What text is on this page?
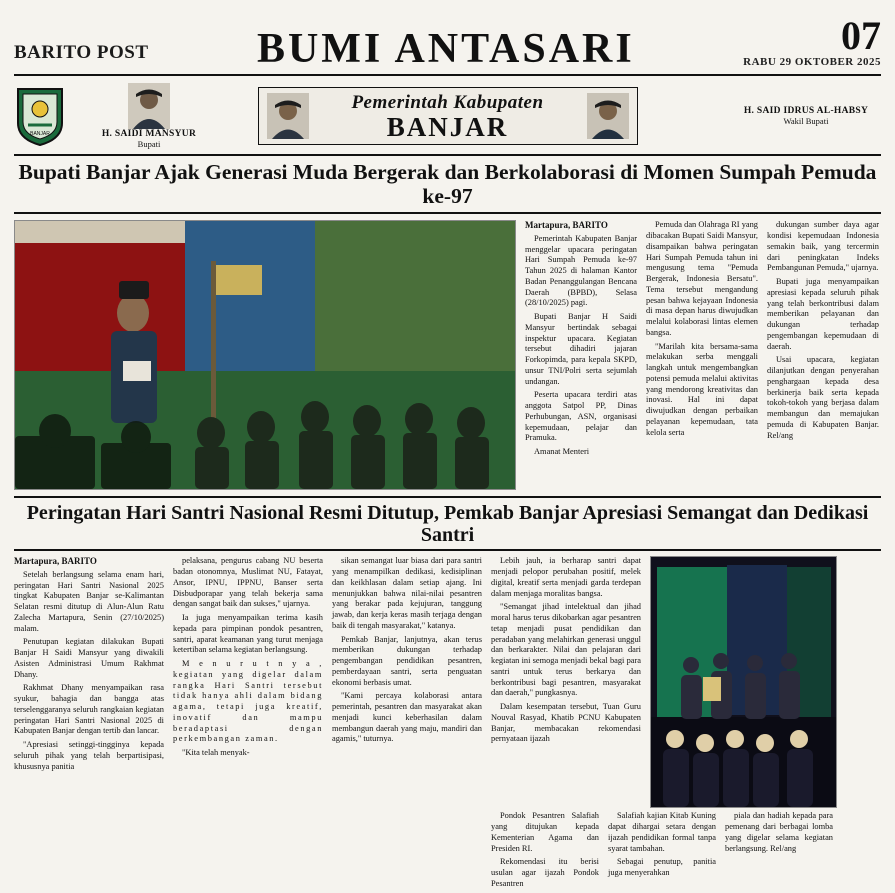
BARITO POST	BUMI ANTASARI	07
RABU 29 OKTOBER 2025
BANJAR	H. SAIDI MANSYUR
Bupati
Pemerintah Kabupaten
BANJAR
H. SAID IDRUS AL-HABSY
Wakil Bupati
Bupati Banjar Ajak Generasi Muda Bergerak dan Berkolaborasi di Momen Sumpah Pemuda ke-97

Martapura, BARITO

Pemerintah Kabupaten Banjar menggelar upacara peringatan Hari Sumpah Pemuda ke-97 Tahun 2025 di halaman Kantor Badan Penanggulangan Bencana Daerah (BPBD), Selasa (28/10/2025) pagi.

Bupati Banjar H Saidi Mansyur bertindak sebagai inspektur upacara. Kegiatan tersebut dihadiri jajaran Forkopimda, para kepala SKPD, unsur TNI/Polri serta sejumlah undangan.

Peserta upacara terdiri atas anggota Satpol PP, Dinas Perhubungan, ASN, organisasi kepemudaan, pelajar dan Pramuka.

Amanat Menteri

Pemuda dan Olahraga RI yang dibacakan Bupati Saidi Mansyur, disampaikan bahwa peringatan Hari Sumpah Pemuda tahun ini mengusung tema "Pemuda Bergerak, Indonesia Bersatu". Tema tersebut mengandung pesan bahwa kejayaan Indonesia di masa depan harus diwujudkan melalui kolaborasi lintas elemen bangsa.

"Marilah kita bersama-sama melakukan serba menggali langkah untuk mengembangkan potensi pemuda melalui aktivitas yang mendorong kreativitas dan inovasi. Hal ini dapat diwujudkan dengan perbaikan pelayanan kepemudaan, tata kelola serta

dukungan sumber daya agar kondisi kepemudaan Indonesia semakin baik, yang tercermin dari peningkatan Indeks Pembangunan Pemuda," ujarnya.

Bupati juga menyampaikan apresiasi kepada seluruh pihak yang telah berkontribusi dalam memberikan pelayanan dan dukungan terhadap pengembangan kepemudaan di daerah.

Usai upacara, kegiatan dilanjutkan dengan penyerahan penghargaan kepada desa berkinerja baik serta kepada tokoh-tokoh yang berjasa dalam membangun dan memajukan pemuda di Kabupaten Banjar. Rel/ang

Peringatan Hari Santri Nasional Resmi Ditutup, Pemkab Banjar Apresiasi Semangat dan Dedikasi Santri

Martapura, BARITO

Setelah berlangsung selama enam hari, peringatan Hari Santri Nasional 2025 tingkat Kabupaten Banjar se-Kalimantan Selatan resmi ditutup di Alun-Alun Ratu Zalecha Martapura, Senin (27/10/2025) malam.

Penutupan kegiatan dilakukan Bupati Banjar H Saidi Mansyur yang diwakili Asisten Administrasi Umum Rakhmat Dhany.

Rakhmat Dhany menyampaikan rasa syukur, bahagia dan bangga atas terselenggaranya seluruh rangkaian kegiatan peringatan Hari Santri Nasional 2025 di Kabupaten Banjar dengan tertib dan lancar.

"Apresiasi setinggi-tingginya kepada seluruh pihak yang telah berpartisipasi, khususnya panitia

pelaksana, pengurus cabang NU beserta badan otonomnya, Muslimat NU, Fatayat, Ansor, IPNU, IPPNU, Banser serta Disbudporapar yang telah bekerja sama dengan sangat baik dan sukses," ujarnya.

Ia juga menyampaikan terima kasih kepada para pimpinan pondok pesantren, santri, aparat keamanan yang turut menjaga ketertiban selama kegiatan berlangsung.

M e n u r u t n y a , kegiatan yang digelar dalam rangka Hari Santri tersebut tidak hanya ahli dalam bidang agama, tetapi juga kreatif, inovatif dan mampu beradaptasi dengan perkembangan zaman.

"Kita telah menyak-

sikan semangat luar biasa dari para santri yang menampilkan dedikasi, kedisiplinan dan keikhlasan dalam setiap ajang. Ini menunjukkan bahwa nilai-nilai pesantren yang berakar pada kejujuran, tanggung jawab, dan kerja keras masih terjaga dengan baik di tengah masyarakat," katanya.

Pemkab Banjar, lanjutnya, akan terus memberikan dukungan terhadap pengembangan pendidikan pesantren, pemberdayaan santri, serta penguatan ekonomi berbasis umat.

"Kami percaya kolaborasi antara pemerintah, pesantren dan masyarakat akan menjadi kunci keberhasilan dalam membangun daerah yang maju, mandiri dan agamis," tuturnya.

Lebih jauh, ia berharap santri dapat menjadi pelopor perubahan positif, melek digital, kreatif serta menjadi garda terdepan dalam menjaga moralitas bangsa.

"Semangat jihad intelektual dan jihad moral harus terus dikobarkan agar pesantren tetap menjadi pusat pendidikan dan peradaban yang melahirkan generasi unggul dan berkarakter. Nilai dan pelajaran dari kegiatan ini semoga menjadi bekal bagi para santri untuk terus berkarya dan berkontribusi bagi pesantren, masyarakat dan daerah," pungkasnya.

Dalam kesempatan tersebut, Tuan Guru Nouval Rasyad, Khatib PCNU Kabupaten Banjar, membacakan rekomendasi pernyataan ijazah

Pondok Pesantren Salafiah yang ditujukan kepada Kementerian Agama dan Presiden RI.

Rekomendasi itu berisi usulan agar ijazah Pondok Pesantren

Salafiah kajian Kitab Kuning dapat dihargai setara dengan ijazah pendidikan formal tanpa syarat tambahan.

Sebagai penutup, panitia juga menyerahkan

piala dan hadiah kepada para pemenang dari berbagai lomba yang digelar selama kegiatan berlangsung. Rel/ang
